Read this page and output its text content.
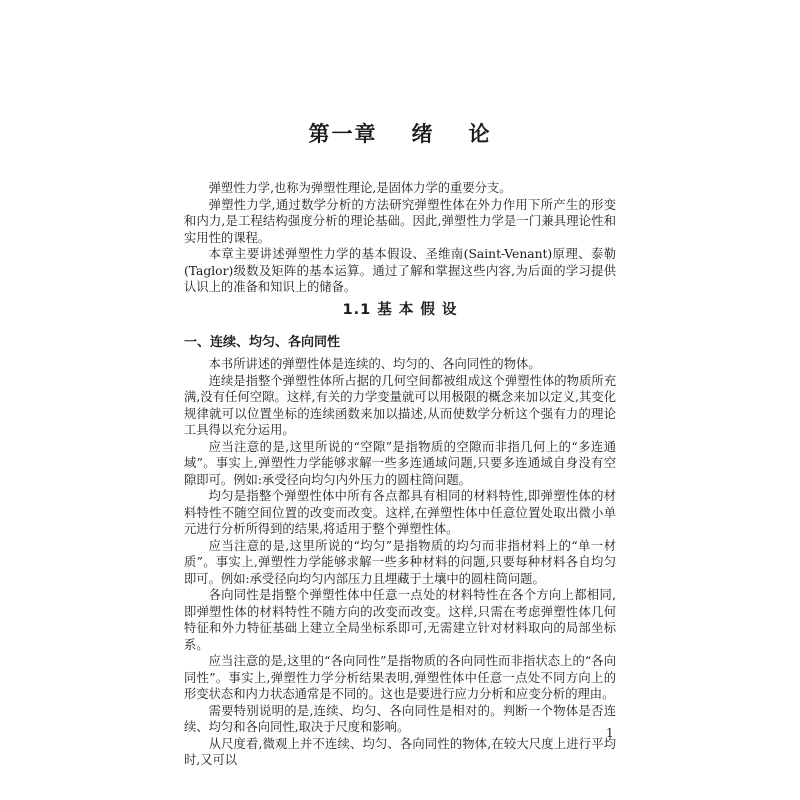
第一章 绪 论

弹塑性力学,也称为弹塑性理论,是固体力学的重要分支。

弹塑性力学,通过数学分析的方法研究弹塑性体在外力作用下所产生的形变和内力,是工程结构强度分析的理论基础。因此,弹塑性力学是一门兼具理论性和实用性的课程。

本章主要讲述弹塑性力学的基本假设、圣维南(Saint-Venant)原理、泰勒(Taglor)级数及矩阵的基本运算。通过了解和掌握这些内容,为后面的学习提供认识上的准备和知识上的储备。

1.1 基 本 假 设
一、连续、均匀、各向同性

本书所讲述的弹塑性体是连续的、均匀的、各向同性的物体。

连续是指整个弹塑性体所占据的几何空间都被组成这个弹塑性体的物质所充满,没有任何空隙。这样,有关的力学变量就可以用极限的概念来加以定义,其变化规律就可以位置坐标的连续函数来加以描述,从而使数学分析这个强有力的理论工具得以充分运用。

应当注意的是,这里所说的“空隙”是指物质的空隙而非指几何上的“多连通域”。事实上,弹塑性力学能够求解一些多连通域问题,只要多连通域自身没有空隙即可。例如:承受径向均匀内外压力的圆柱筒问题。

均匀是指整个弹塑性体中所有各点都具有相同的材料特性,即弹塑性体的材料特性不随空间位置的改变而改变。这样,在弹塑性体中任意位置处取出微小单元进行分析所得到的结果,将适用于整个弹塑性体。

应当注意的是,这里所说的“均匀”是指物质的均匀而非指材料上的“单一材质”。事实上,弹塑性力学能够求解一些多种材料的问题,只要每种材料各自均匀即可。例如:承受径向均匀内部压力且埋藏于土壤中的圆柱筒问题。

各向同性是指整个弹塑性体中任意一点处的材料特性在各个方向上都相同,即弹塑性体的材料特性不随方向的改变而改变。这样,只需在考虑弹塑性体几何特征和外力特征基础上建立全局坐标系即可,无需建立针对材料取向的局部坐标系。

应当注意的是,这里的“各向同性”是指物质的各向同性而非指状态上的“各向同性”。事实上,弹塑性力学分析结果表明,弹塑性体中任意一点处不同方向上的形变状态和内力状态通常是不同的。这也是要进行应力分析和应变分析的理由。

需要特别说明的是,连续、均匀、各向同性是相对的。判断一个物体是否连续、均匀和各向同性,取决于尺度和影响。

从尺度看,微观上并不连续、均匀、各向同性的物体,在较大尺度上进行平均时,又可以

1
